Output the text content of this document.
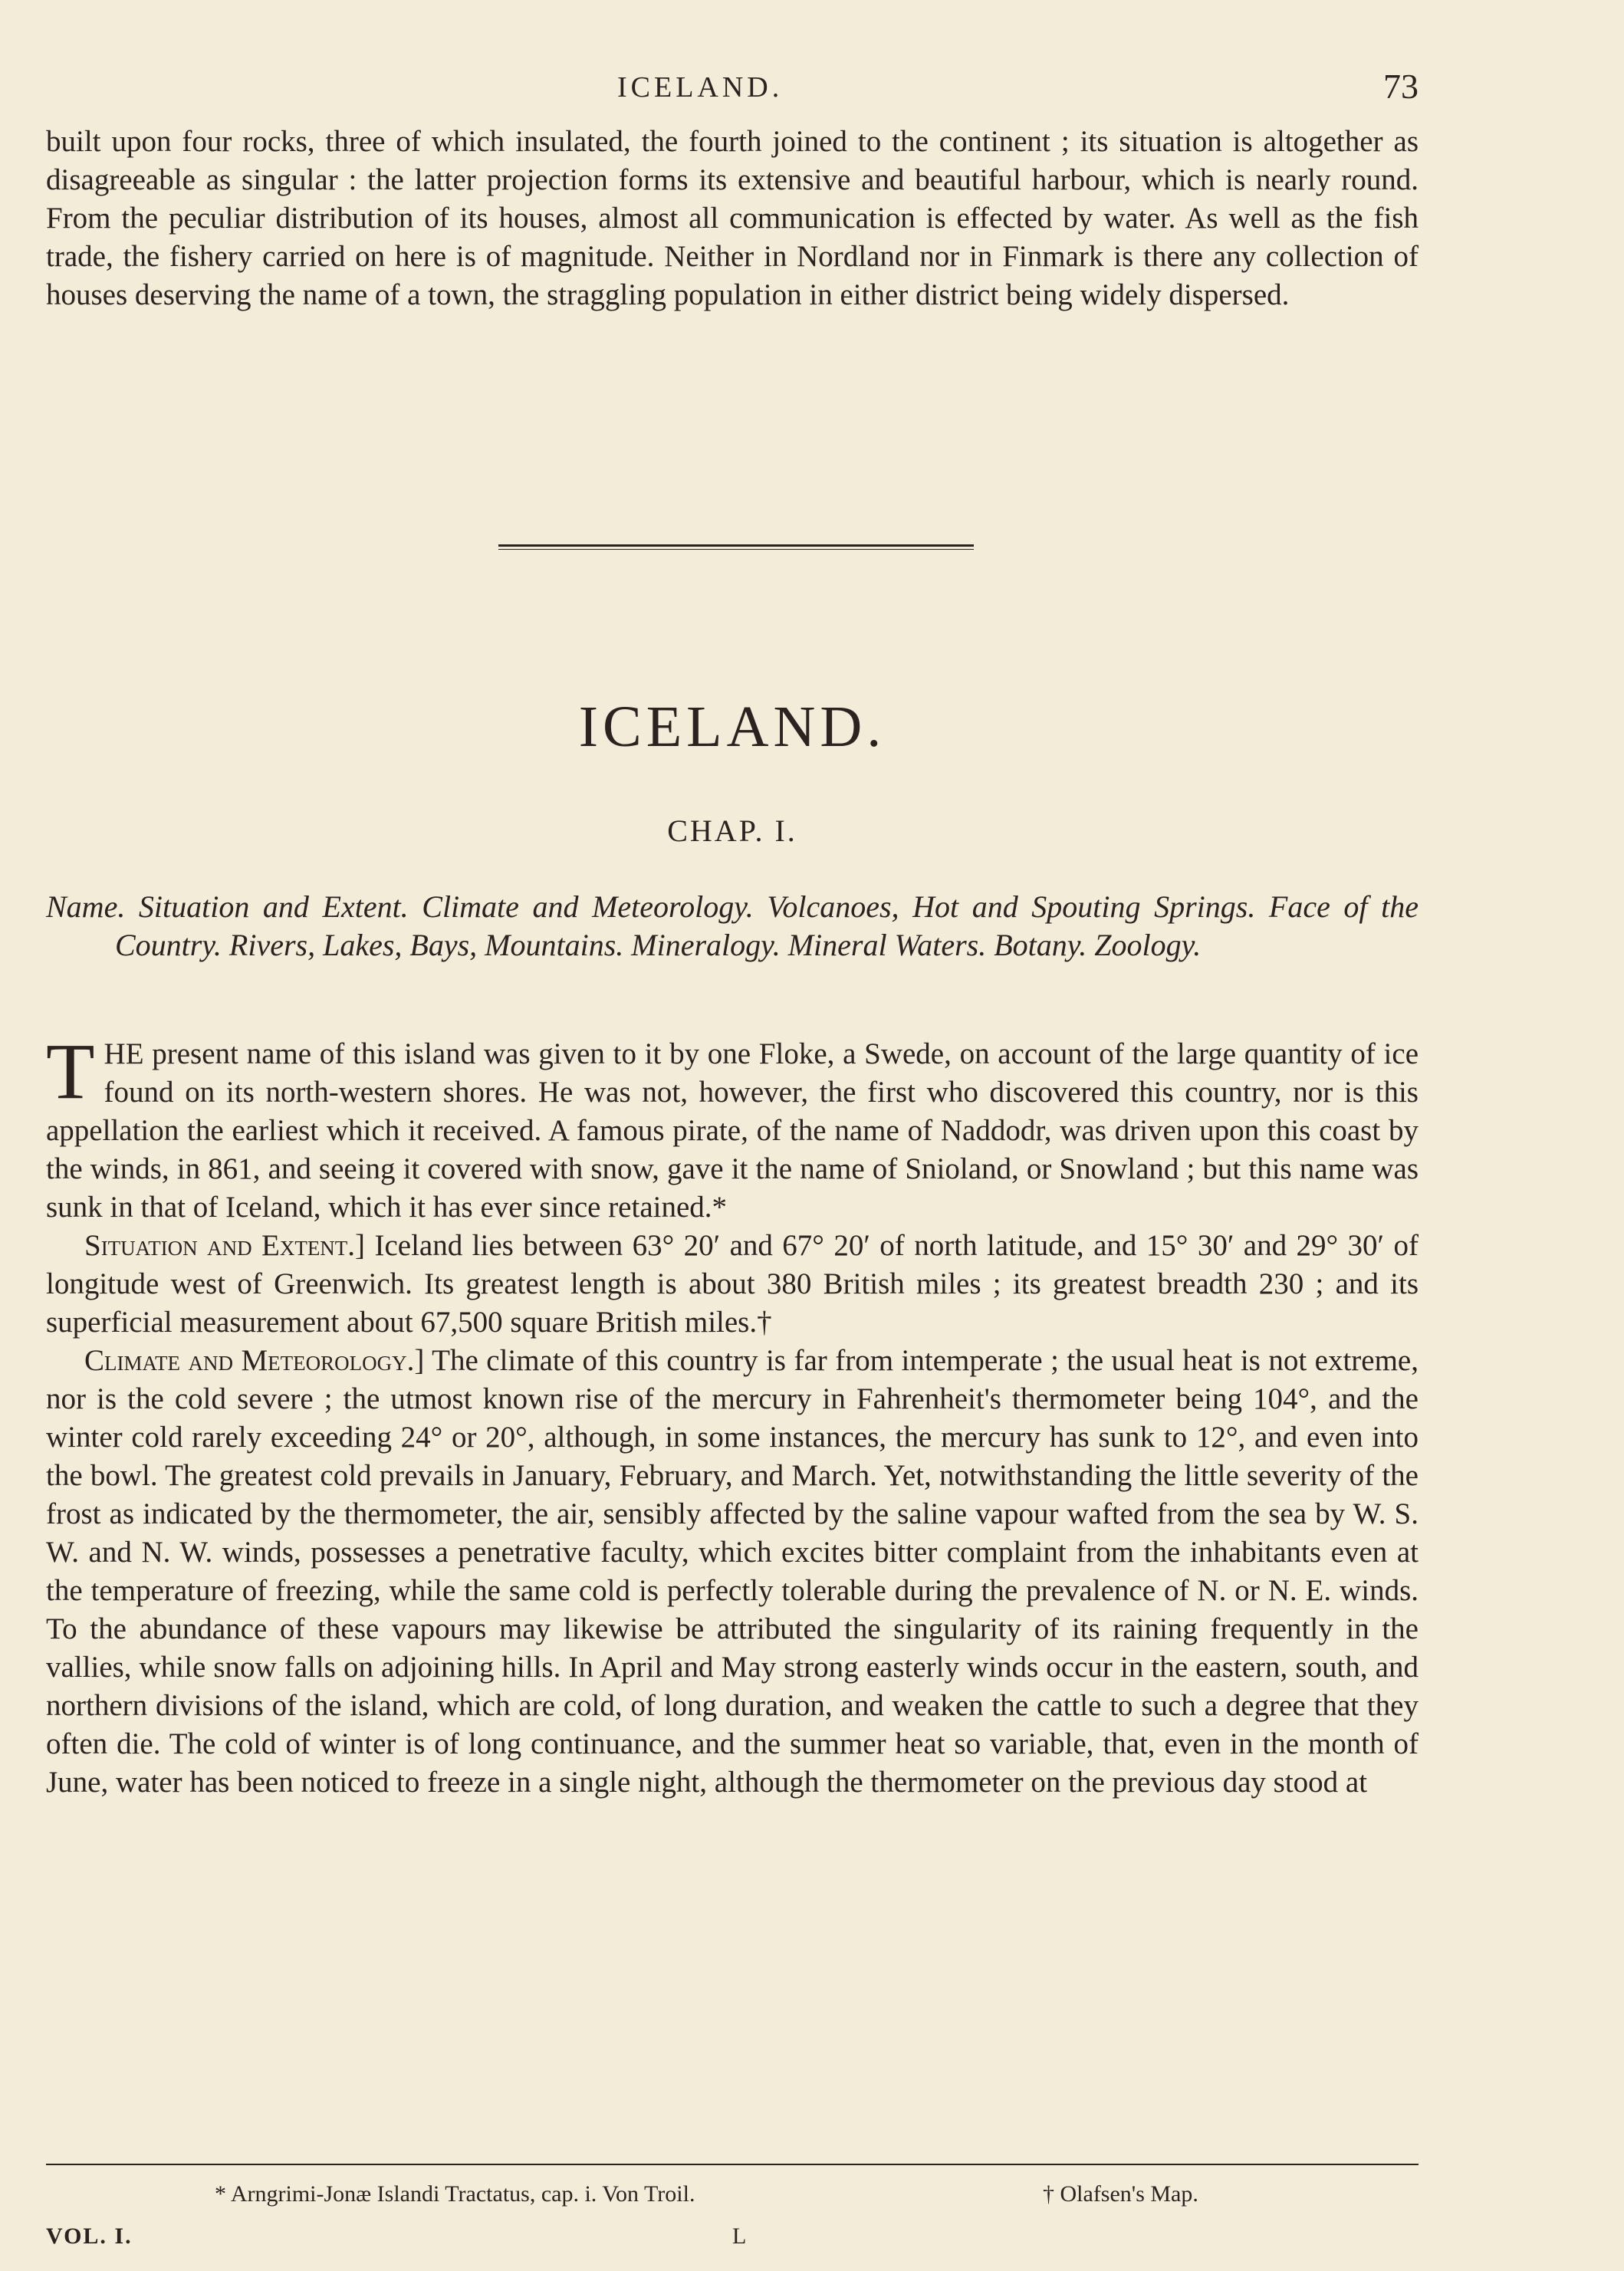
ICELAND.	73

built upon four rocks, three of which insulated, the fourth joined to the continent ; its situation is altogether as disagreeable as singular : the latter projection forms its extensive and beautiful harbour, which is nearly round. From the peculiar distribution of its houses, almost all communication is effected by water. As well as the fish trade, the fishery carried on here is of magnitude. Neither in Nordland nor in Finmark is there any collection of houses deserving the name of a town, the straggling population in either district being widely dispersed.

ICELAND.
CHAP. I.
Name. Situation and Extent. Climate and Meteorology. Volcanoes, Hot and Spouting Springs. Face of the Country. Rivers, Lakes, Bays, Mountains. Mineralogy. Mineral Waters. Botany. Zoology.

THE present name of this island was given to it by one Floke, a Swede, on account of the large quantity of ice found on its north-western shores. He was not, however, the first who discovered this country, nor is this appellation the earliest which it received. A famous pirate, of the name of Naddodr, was driven upon this coast by the winds, in 861, and seeing it covered with snow, gave it the name of Snioland, or Snowland ; but this name was sunk in that of Iceland, which it has ever since retained.*

Situation and Extent.] Iceland lies between 63° 20′ and 67° 20′ of north latitude, and 15° 30′ and 29° 30′ of longitude west of Greenwich. Its greatest length is about 380 British miles ; its greatest breadth 230 ; and its superficial measurement about 67,500 square British miles.†

Climate and Meteorology.] The climate of this country is far from intemperate ; the usual heat is not extreme, nor is the cold severe ; the utmost known rise of the mercury in Fahrenheit's thermometer being 104°, and the winter cold rarely exceeding 24° or 20°, although, in some instances, the mercury has sunk to 12°, and even into the bowl. The greatest cold prevails in January, February, and March. Yet, notwithstanding the little severity of the frost as indicated by the thermometer, the air, sensibly affected by the saline vapour wafted from the sea by W. S. W. and N. W. winds, possesses a penetrative faculty, which excites bitter complaint from the inhabitants even at the temperature of freezing, while the same cold is perfectly tolerable during the prevalence of N. or N. E. winds. To the abundance of these vapours may likewise be attributed the singularity of its raining frequently in the vallies, while snow falls on adjoining hills. In April and May strong easterly winds occur in the eastern, south, and northern divisions of the island, which are cold, of long duration, and weaken the cattle to such a degree that they often die. The cold of winter is of long continuance, and the summer heat so variable, that, even in the month of June, water has been noticed to freeze in a single night, although the thermometer on the previous day stood at

* Arngrimi-Jonæ Islandi Tractatus, cap. i. Von Troil.	† Olafsen's Map.
VOL. I.	L
